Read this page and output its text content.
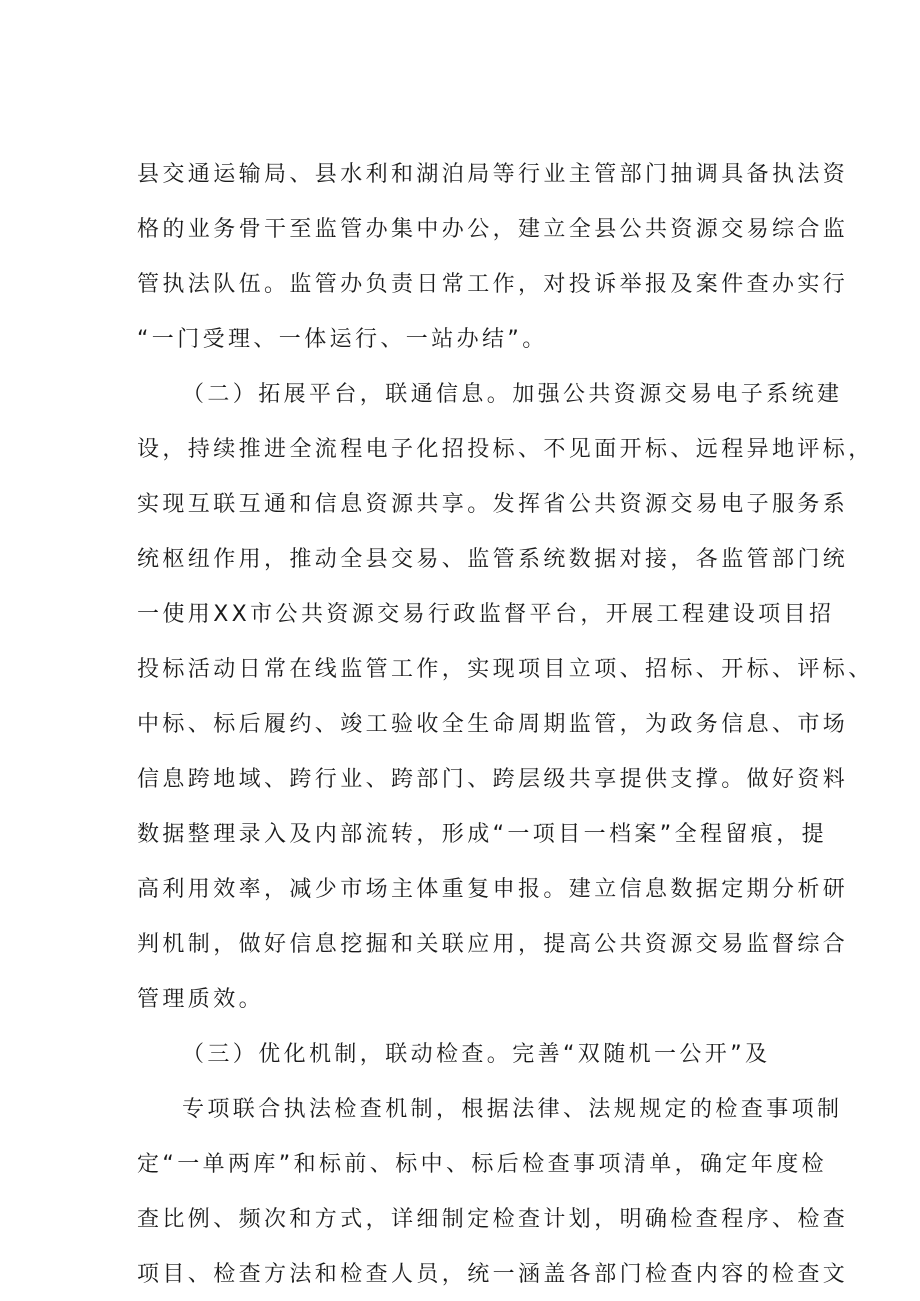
县交通运输局、县水利和湖泊局等行业主管部门抽调具备执法资
格的业务骨干至监管办集中办公，建立全县公共资源交易综合监
管执法队伍。监管办负责日常工作，对投诉举报及案件查办实行
“一门受理、一体运行、一站办结”。
（二）拓展平台，联通信息。加强公共资源交易电子系统建
设，持续推进全流程电子化招投标、不见面开标、远程异地评标，
实现互联互通和信息资源共享。发挥省公共资源交易电子服务系
统枢纽作用，推动全县交易、监管系统数据对接，各监管部门统
一使用XX市公共资源交易行政监督平台，开展工程建设项目招
投标活动日常在线监管工作，实现项目立项、招标、开标、评标、
中标、标后履约、竣工验收全生命周期监管，为政务信息、市场
信息跨地域、跨行业、跨部门、跨层级共享提供支撑。做好资料
数据整理录入及内部流转，形成“一项目一档案”全程留痕，提
高利用效率，减少市场主体重复申报。建立信息数据定期分析研
判机制，做好信息挖掘和关联应用，提高公共资源交易监督综合
管理质效。
（三）优化机制，联动检查。完善“双随机一公开”及
专项联合执法检查机制，根据法律、法规规定的检查事项制
定“一单两库”和标前、标中、标后检查事项清单，确定年度检
查比例、频次和方式，详细制定检查计划，明确检查程序、检查
项目、检查方法和检查人员，统一涵盖各部门检查内容的检查文
